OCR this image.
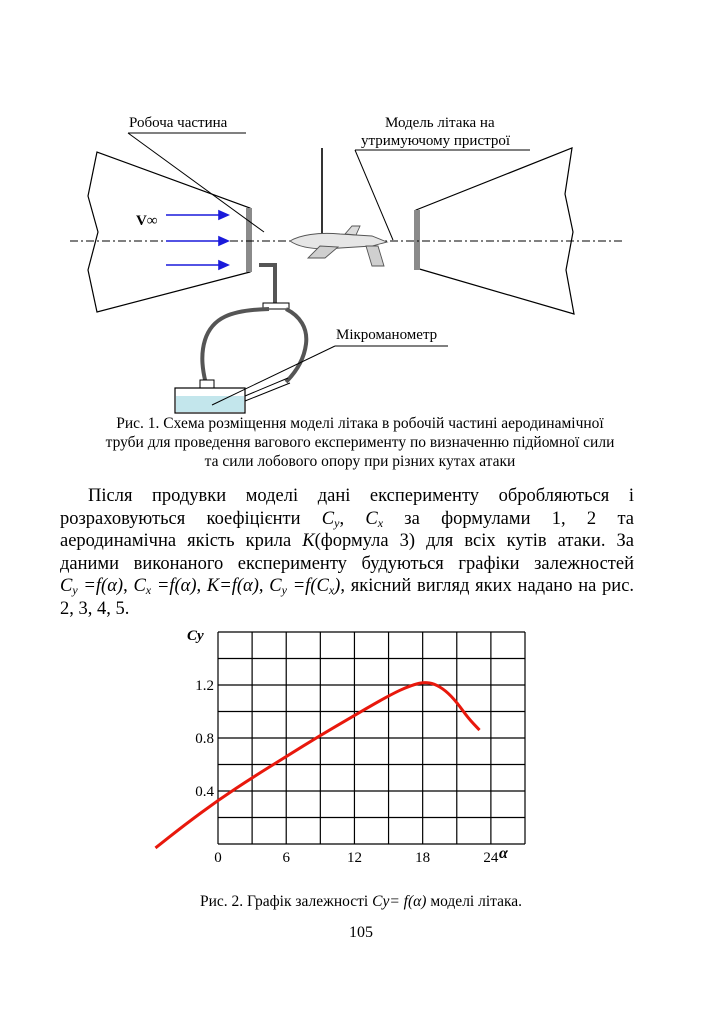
Робоча частина	Модель літака на
утримуючому пристрої
V∞
Мікроманометр
Рис. 1. Схема розміщення моделі літака в робочій частині аеродинамічної
труби для проведення вагового експерименту по визначенню підйомної сили
та сили лобового опору при різних кутах атаки
Після продувки моделі дані експерименту обробляються і
розраховуються коефіцієнти $C_y$, $C_x$ за формулами 1, 2 та
аеродинамічна якість крила K(формула 3) для всіх кутів атаки. За
даними виконаного експерименту будуються графіки залежностей
$C_y =f(\alpha)$, $C_x =f(\alpha)$, K=f(α), $C_y =f(C_x)$, якісний вигляд яких надано на рис.
2, 3, 4, 5.
0	6	12	18	24
0.4
0.8
1.2
Cy
α
Рис. 2. Графік залежності Cy= f(α) моделі літака.
105
